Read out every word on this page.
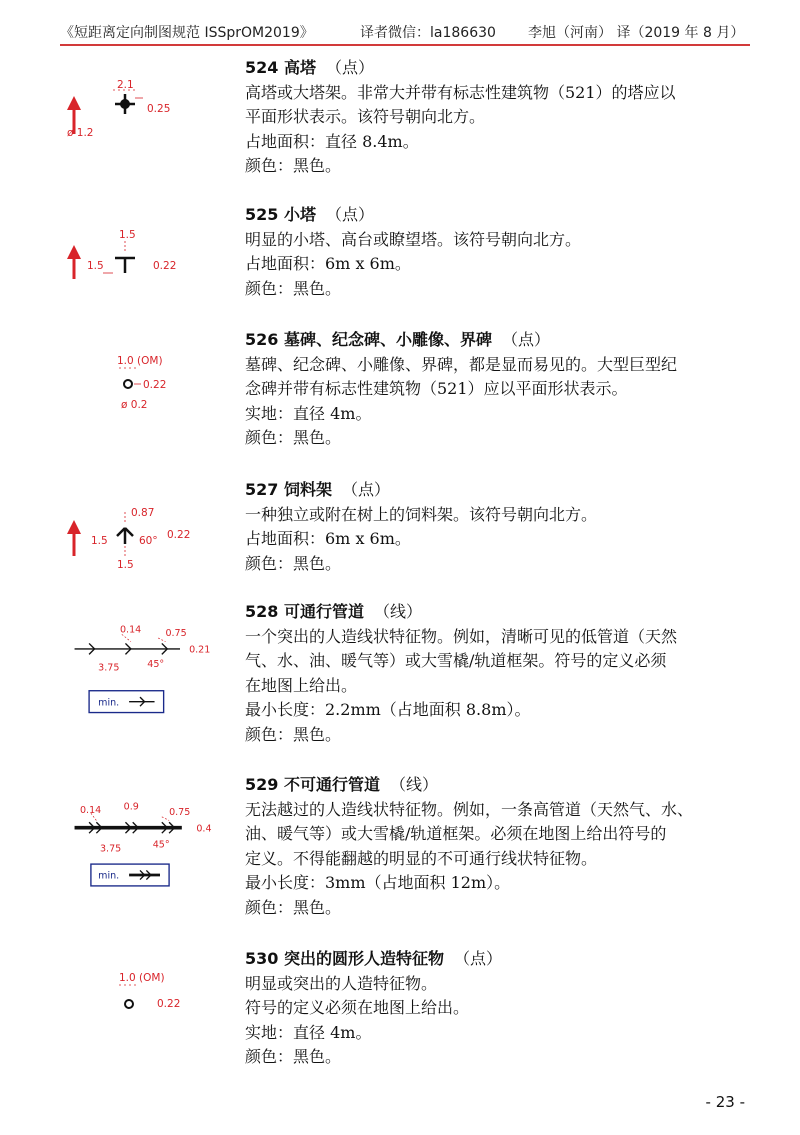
《短距离定向制图规范 ISSprOM2019》	译者微信：la186630 李旭（河南） 译（2019 年 8 月）
2.1
0.25
ø 1.2
524 高塔 （点）
高塔或大塔架。非常大并带有标志性建筑物（521）的塔应以
平面形状表示。该符号朝向北方。
占地面积：直径 8.4m。
颜色：黑色。
1.5
1.5	0.22
525 小塔 （点）
明显的小塔、高台或瞭望塔。该符号朝向北方。
占地面积：6m x 6m。
颜色：黑色。
1.0 (OM)
0.22
ø 0.2
526 墓碑、纪念碑、小雕像、界碑 （点）
墓碑、纪念碑、小雕像、界碑，都是显而易见的。大型巨型纪
念碑并带有标志性建筑物（521）应以平面形状表示。
实地：直径 4m。
颜色：黑色。
0.87
1.5	60° 0.22
1.5
527 饲料架 （点）
一种独立或附在树上的饲料架。该符号朝向北方。
占地面积：6m x 6m。
颜色：黑色。
0.14 0.75
0.21
3.75	45°
min.
528 可通行管道 （线）
一个突出的人造线状特征物。例如，清晰可见的低管道（天然
气、水、油、暖气等）或大雪橇/轨道框架。符号的定义必须
在地图上给出。
最小长度：2.2mm（占地面积 8.8m）。
颜色：黑色。
0.14 0.9	0.75
0.4
3.75	45°
min.
529 不可通行管道 （线）
无法越过的人造线状特征物。例如，一条高管道（天然气、水、
油、暖气等）或大雪橇/轨道框架。必须在地图上给出符号的
定义。不得能翻越的明显的不可通行线状特征物。
最小长度：3mm（占地面积 12m）。
颜色：黑色。
1.0 (OM)
0.22
530 突出的圆形人造特征物 （点）
明显或突出的人造特征物。
符号的定义必须在地图上给出。
实地：直径 4m。
颜色：黑色。
- 23 -
